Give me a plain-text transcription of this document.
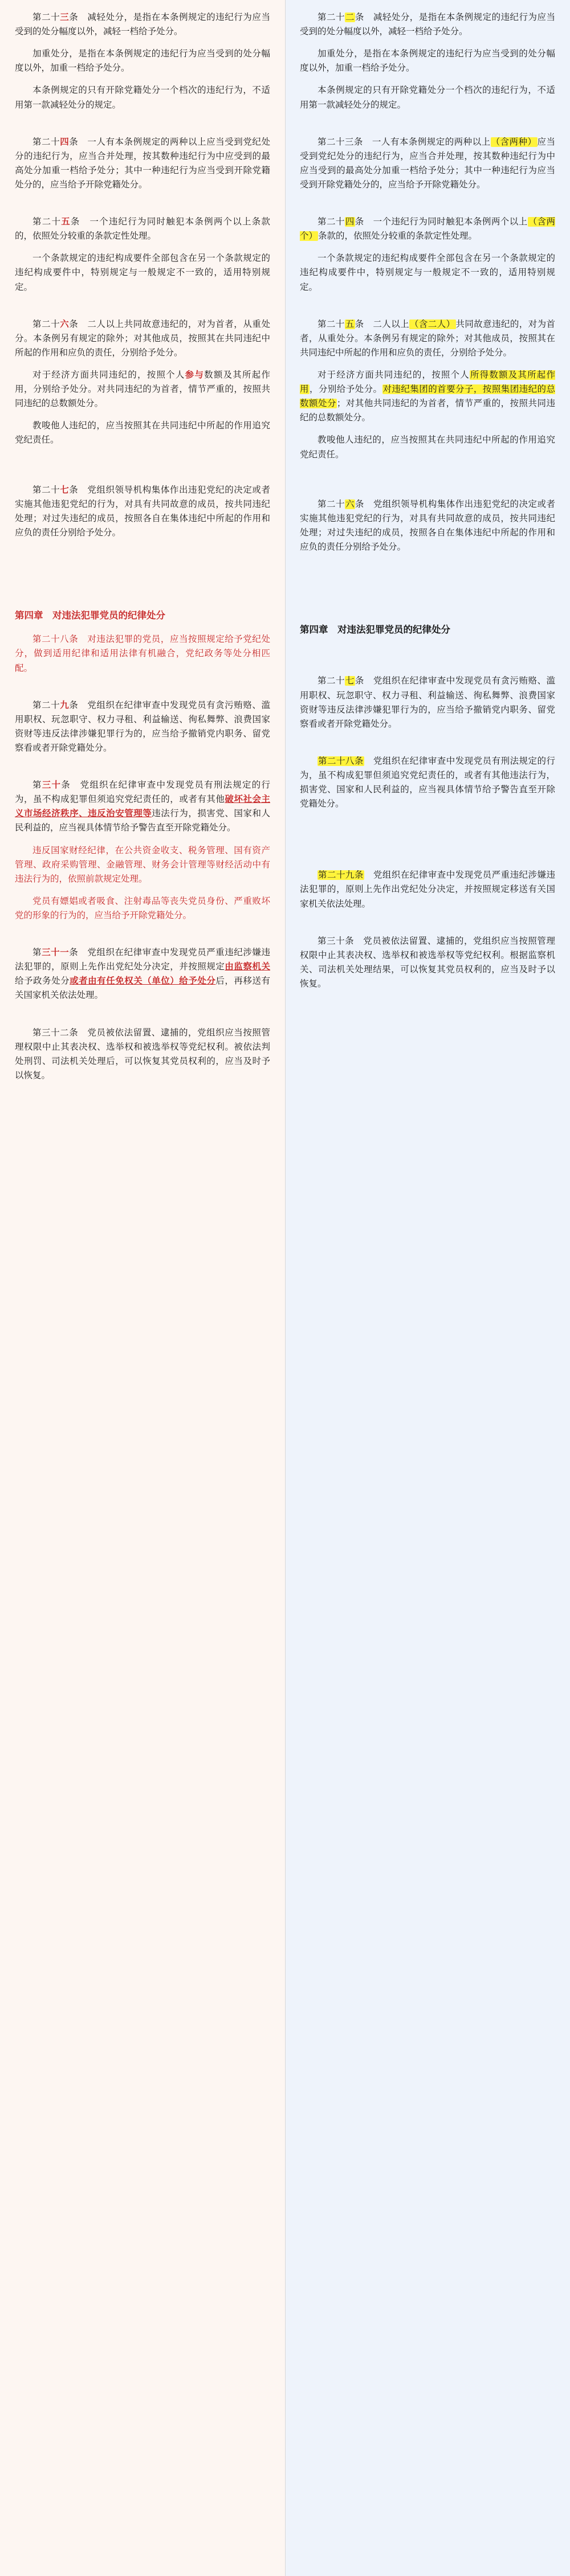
第二十三条　减轻处分，是指在本条例规定的违纪行为应当受到的处分幅度以外，减轻一档给予处分。

加重处分，是指在本条例规定的违纪行为应当受到的处分幅度以外，加重一档给予处分。

本条例规定的只有开除党籍处分一个档次的违纪行为，不适用第一款减轻处分的规定。

第二十四条　一人有本条例规定的两种以上应当受到党纪处分的违纪行为，应当合并处理，按其数种违纪行为中应受到的最高处分加重一档给予处分；其中一种违纪行为应当受到开除党籍处分的，应当给予开除党籍处分。

第二十五条　一个违纪行为同时触犯本条例两个以上条款的，依照处分较重的条款定性处理。

一个条款规定的违纪构成要件全部包含在另一个条款规定的违纪构成要件中，特别规定与一般规定不一致的，适用特别规定。

第二十六条　二人以上共同故意违纪的，对为首者，从重处分。本条例另有规定的除外；对其他成员，按照其在共同违纪中所起的作用和应负的责任，分别给予处分。

对于经济方面共同违纪的，按照个人参与数额及其所起作用，分别给予处分。对共同违纪的为首者，情节严重的，按照共同违纪的总数额处分。

教唆他人违纪的，应当按照其在共同违纪中所起的作用追究党纪责任。

第二十七条　党组织领导机构集体作出违犯党纪的决定或者实施其他违犯党纪的行为，对具有共同故意的成员，按共同违纪处理；对过失违纪的成员，按照各自在集体违纪中所起的作用和应负的责任分别给予处分。

第四章　对违法犯罪党员的纪律处分

第二十八条　对违法犯罪的党员，应当按照规定给予党纪处分，做到适用纪律和适用法律有机融合，党纪政务等处分相匹配。

第二十九条　党组织在纪律审查中发现党员有贪污贿赂、滥用职权、玩忽职守、权力寻租、利益输送、徇私舞弊、浪费国家资财等违反法律涉嫌犯罪行为的，应当给予撤销党内职务、留党察看或者开除党籍处分。

第三十条　党组织在纪律审查中发现党员有刑法规定的行为，虽不构成犯罪但须追究党纪责任的，或者有其他破坏社会主义市场经济秩序、违反治安管理等违法行为，损害党、国家和人民利益的，应当视具体情节给予警告直至开除党籍处分。

违反国家财经纪律，在公共资金收支、税务管理、国有资产管理、政府采购管理、金融管理、财务会计管理等财经活动中有违法行为的，依照前款规定处理。

党员有嫖娼或者吸食、注射毒品等丧失党员身份、严重败坏党的形象的行为的，应当给予开除党籍处分。

第三十一条　党组织在纪律审查中发现党员严重违纪涉嫌违法犯罪的，原则上先作出党纪处分决定，并按照规定由监察机关给予政务处分或者由有任免权关（单位）给予处分后，再移送有关国家机关依法处理。

第三十二条　党员被依法留置、逮捕的，党组织应当按照管理权限中止其表决权、选举权和被选举权等党纪权利。被依法判处刑罚、司法机关处理后，可以恢复其党员权利的，应当及时予以恢复。

第二十二条　减轻处分，是指在本条例规定的违纪行为应当受到的处分幅度以外，减轻一档给予处分。

加重处分，是指在本条例规定的违纪行为应当受到的处分幅度以外，加重一档给予处分。

本条例规定的只有开除党籍处分一个档次的违纪行为，不适用第一款减轻处分的规定。

第二十三条　一人有本条例规定的两种以上（含两种）应当受到党纪处分的违纪行为，应当合并处理，按其数种违纪行为中应当受到的最高处分加重一档给予处分；其中一种违纪行为应当受到开除党籍处分的，应当给予开除党籍处分。

第二十四条　一个违纪行为同时触犯本条例两个以上（含两个）条款的，依照处分较重的条款定性处理。

一个条款规定的违纪构成要件全部包含在另一个条款规定的违纪构成要件中，特别规定与一般规定不一致的，适用特别规定。

第二十五条　二人以上（含二人）共同故意违纪的，对为首者，从重处分。本条例另有规定的除外；对其他成员，按照其在共同违纪中所起的作用和应负的责任，分别给予处分。

对于经济方面共同违纪的，按照个人所得数额及其所起作用，分别给予处分。对违纪集团的首要分子，按照集团违纪的总数额处分；对其他共同违纪的为首者，情节严重的，按照共同违纪的总数额处分。

教唆他人违纪的，应当按照其在共同违纪中所起的作用追究党纪责任。

第二十六条　党组织领导机构集体作出违犯党纪的决定或者实施其他违犯党纪的行为，对具有共同故意的成员，按共同违纪处理；对过失违纪的成员，按照各自在集体违纪中所起的作用和应负的责任分别给予处分。

第四章　对违法犯罪党员的纪律处分

第二十七条　党组织在纪律审查中发现党员有贪污贿赂、滥用职权、玩忽职守、权力寻租、利益输送、徇私舞弊、浪费国家资财等违反法律涉嫌犯罪行为的，应当给予撤销党内职务、留党察看或者开除党籍处分。

第二十八条　党组织在纪律审查中发现党员有刑法规定的行为，虽不构成犯罪但须追究党纪责任的，或者有其他违法行为，损害党、国家和人民利益的，应当视具体情节给予警告直至开除党籍处分。

第二十九条　党组织在纪律审查中发现党员严重违纪涉嫌违法犯罪的，原则上先作出党纪处分决定，并按照规定移送有关国家机关依法处理。

第三十条　党员被依法留置、逮捕的，党组织应当按照管理权限中止其表决权、选举权和被选举权等党纪权利。根据监察机关、司法机关处理结果，可以恢复其党员权利的，应当及时予以恢复。
